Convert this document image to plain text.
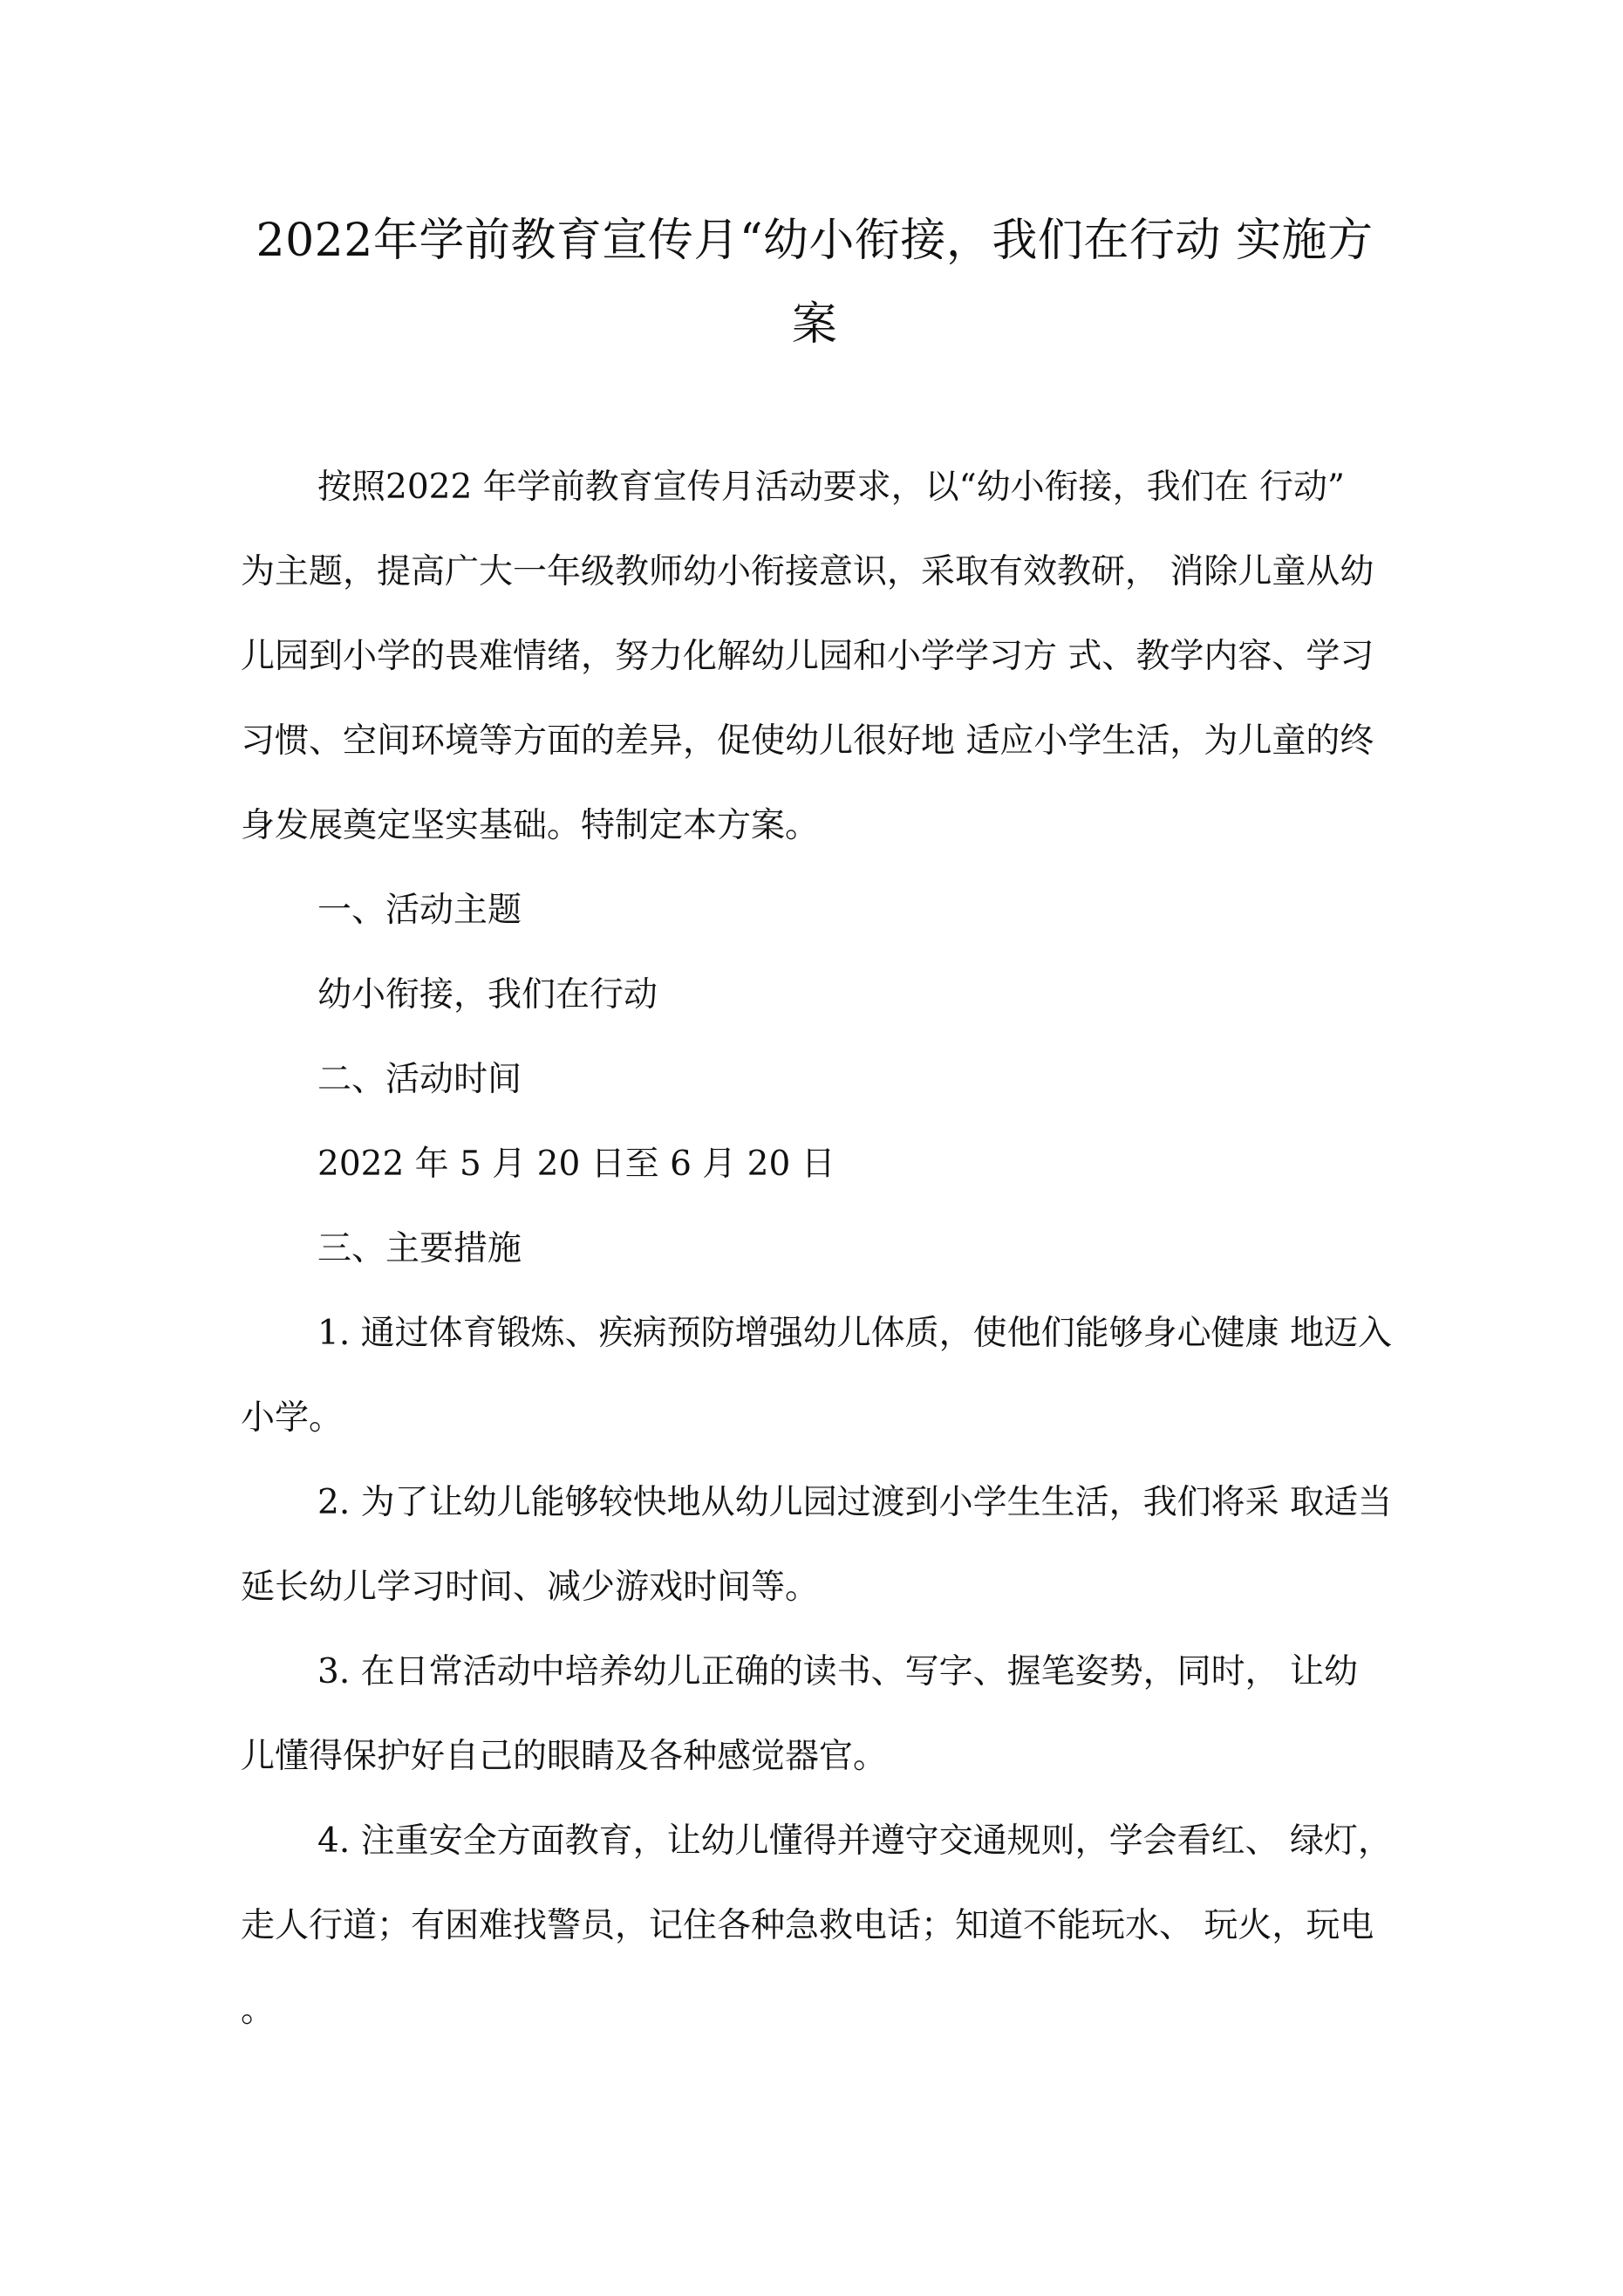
2022年学前教育宣传月“幼小衔接，我们在行动 实施方
案

按照2022 年学前教育宣传月活动要求，以“幼小衔接，我们在 行动”
为主题，提高广大一年级教师幼小衔接意识，采取有效教研， 消除儿童从幼
儿园到小学的畏难情绪，努力化解幼儿园和小学学习方 式、教学内容、学习
习惯、空间环境等方面的差异，促使幼儿很好地 适应小学生活，为儿童的终
身发展奠定坚实基础。特制定本方案。

一、活动主题

幼小衔接，我们在行动

二、活动时间

2022 年 5 月 20 日至 6 月 20 日

三、主要措施

1. 通过体育锻炼、疾病预防增强幼儿体质，使他们能够身心健康 地迈入
小学。

2. 为了让幼儿能够较快地从幼儿园过渡到小学生生活，我们将采 取适当
延长幼儿学习时间、减少游戏时间等。

3. 在日常活动中培养幼儿正确的读书、写字、握笔姿势，同时， 让幼
儿懂得保护好自己的眼睛及各种感觉器官。

4. 注重安全方面教育，让幼儿懂得并遵守交通规则，学会看红、 绿灯，
走人行道；有困难找警员，记住各种急救电话；知道不能玩水、 玩火，玩电
。
